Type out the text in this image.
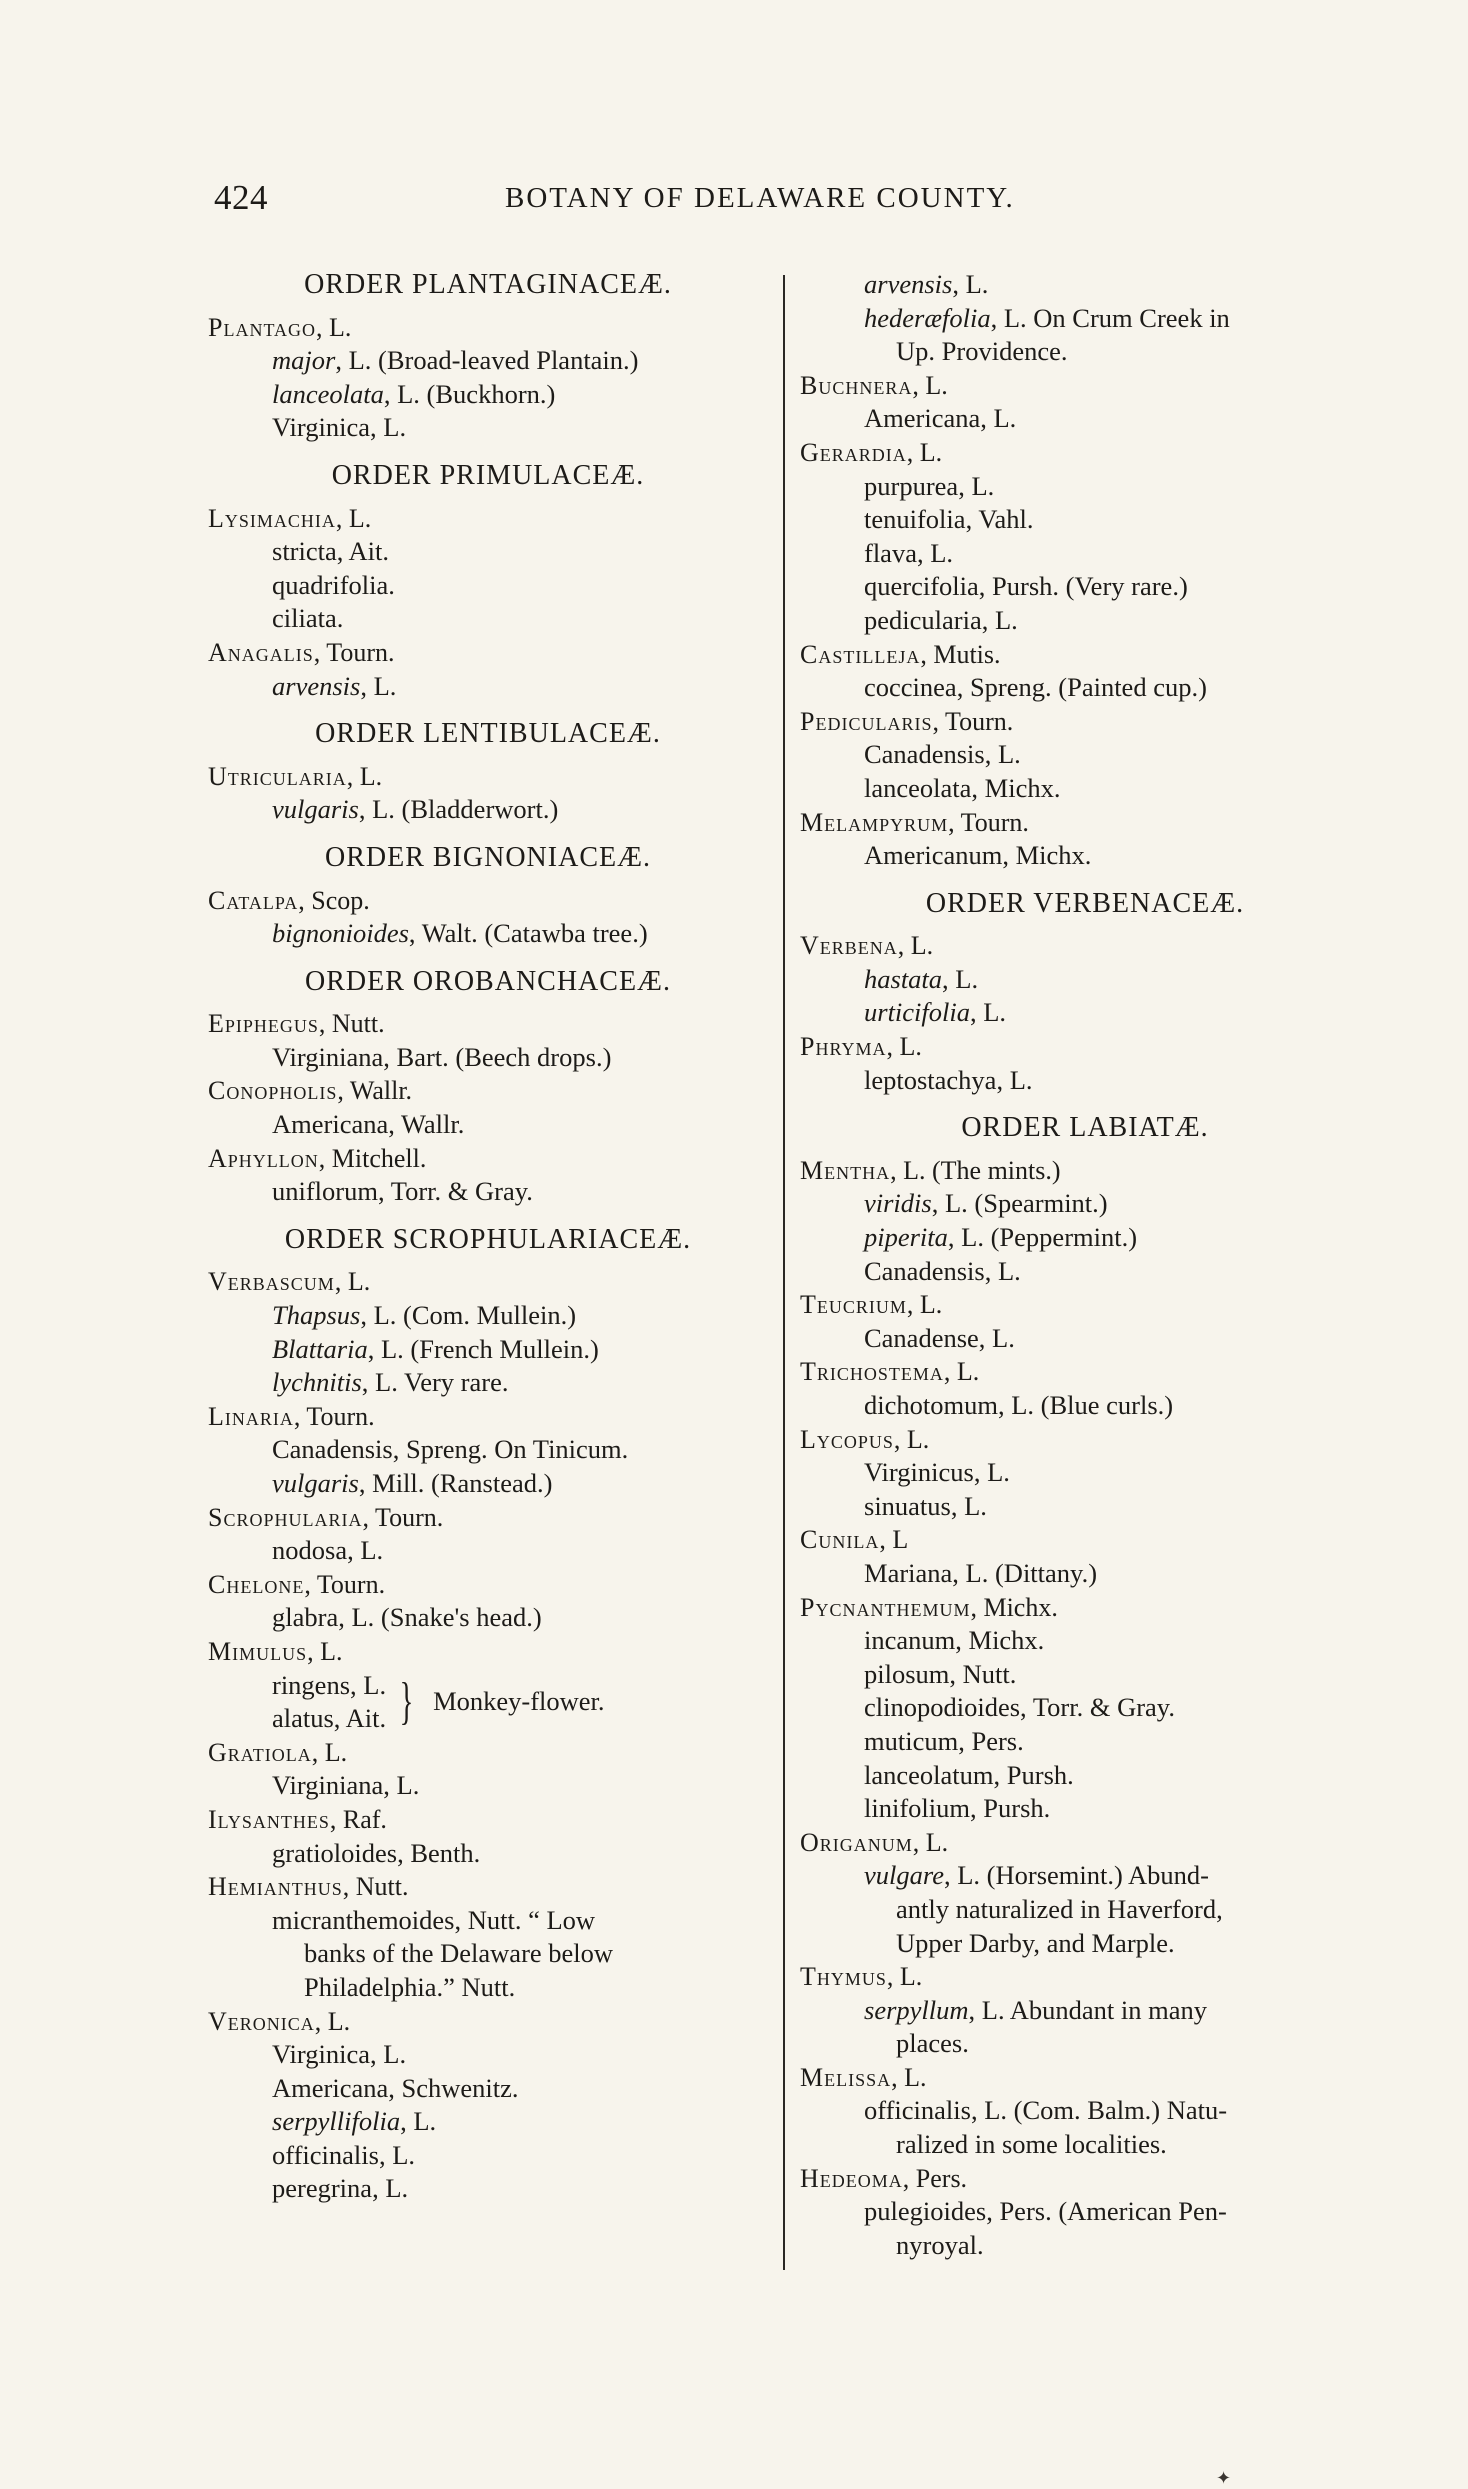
424	BOTANY OF DELAWARE COUNTY.
ORDER PLANTAGINACEÆ.
Plantago, L.
major, L. (Broad-leaved Plantain.)
lanceolata, L. (Buckhorn.)
Virginica, L.
ORDER PRIMULACEÆ.
Lysimachia, L.
stricta, Ait.
quadrifolia.
ciliata.
Anagalis, Tourn.
arvensis, L.
ORDER LENTIBULACEÆ.
Utricularia, L.
vulgaris, L. (Bladderwort.)
ORDER BIGNONIACEÆ.
Catalpa, Scop.
bignonioides, Walt. (Catawba tree.)
ORDER OROBANCHACEÆ.
Epiphegus, Nutt.
Virginiana, Bart. (Beech drops.)
Conopholis, Wallr.
Americana, Wallr.
Aphyllon, Mitchell.
uniflorum, Torr. & Gray.
ORDER SCROPHULARIACEÆ.
Verbascum, L.
Thapsus, L. (Com. Mullein.)
Blattaria, L. (French Mullein.)
lychnitis, L. Very rare.
Linaria, Tourn.
Canadensis, Spreng. On Tinicum.
vulgaris, Mill. (Ranstead.)
Scrophularia, Tourn.
nodosa, L.
Chelone, Tourn.
glabra, L. (Snake's head.)
Mimulus, L.
ringens, L.
alatus, Ait. } Monkey-flower.
Gratiola, L.
Virginiana, L.
Ilysanthes, Raf.
gratioloides, Benth.
Hemianthus, Nutt.
micranthemoides, Nutt. “ Low
banks of the Delaware below
Philadelphia.” Nutt.
Veronica, L.
Virginica, L.
Americana, Schwenitz.
serpyllifolia, L.
officinalis, L.
peregrina, L.
arvensis, L.
hederæfolia, L. On Crum Creek in
Up. Providence.
Buchnera, L.
Americana, L.
Gerardia, L.
purpurea, L.
tenuifolia, Vahl.
flava, L.
quercifolia, Pursh. (Very rare.)
pedicularia, L.
Castilleja, Mutis.
coccinea, Spreng. (Painted cup.)
Pedicularis, Tourn.
Canadensis, L.
lanceolata, Michx.
Melampyrum, Tourn.
Americanum, Michx.
ORDER VERBENACEÆ.
Verbena, L.
hastata, L.
urticifolia, L.
Phryma, L.
leptostachya, L.
ORDER LABIATÆ.
Mentha, L. (The mints.)
viridis, L. (Spearmint.)
piperita, L. (Peppermint.)
Canadensis, L.
Teucrium, L.
Canadense, L.
Trichostema, L.
dichotomum, L. (Blue curls.)
Lycopus, L.
Virginicus, L.
sinuatus, L.
Cunila, L
Mariana, L. (Dittany.)
Pycnanthemum, Michx.
incanum, Michx.
pilosum, Nutt.
clinopodioides, Torr. & Gray.
muticum, Pers.
lanceolatum, Pursh.
linifolium, Pursh.
Origanum, L.
vulgare, L. (Horsemint.) Abund-
antly naturalized in Haverford,
Upper Darby, and Marple.
Thymus, L.
serpyllum, L. Abundant in many
places.
Melissa, L.
officinalis, L. (Com. Balm.) Natu-
ralized in some localities.
Hedeoma, Pers.
pulegioides, Pers. (American Pen-
nyroyal.
✦
